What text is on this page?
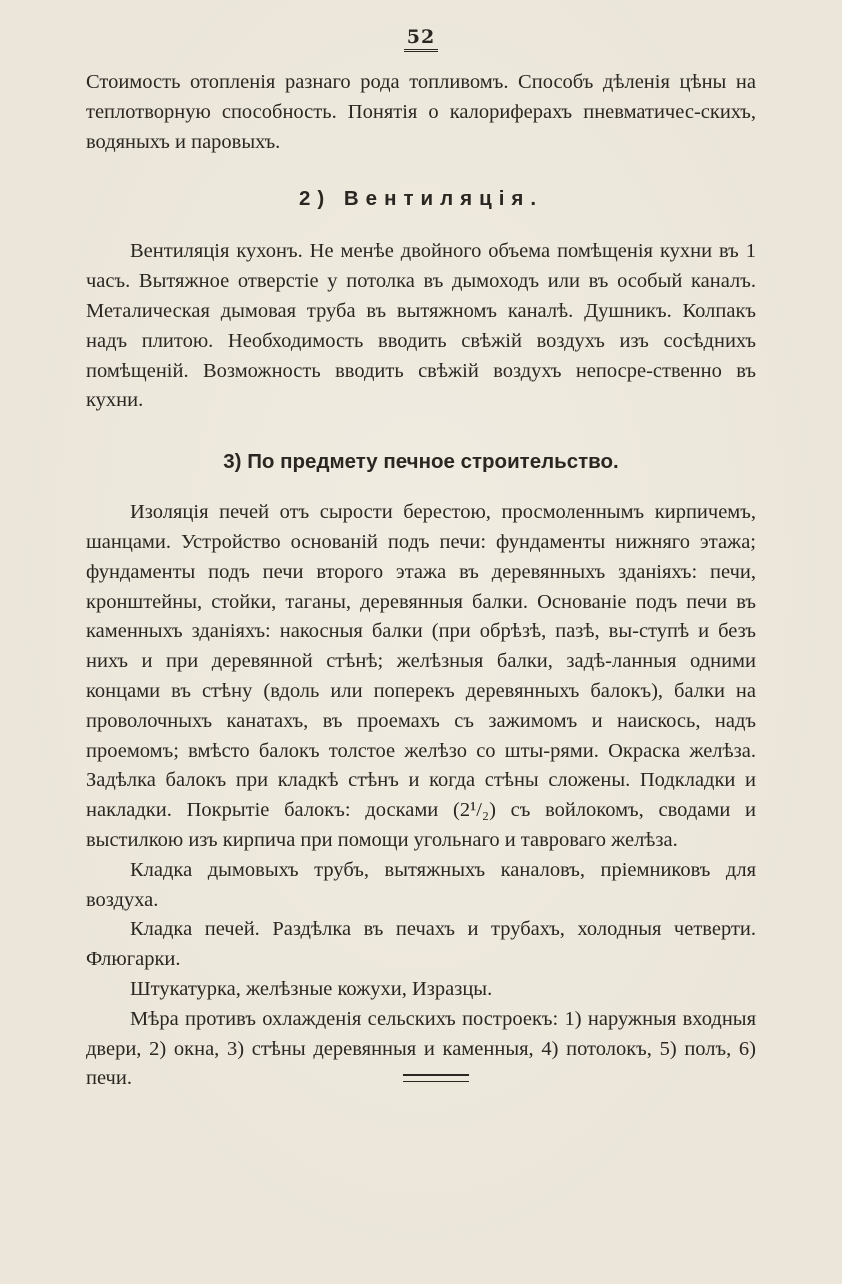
52

Стоимость отопленія разнаго рода топливомъ. Способъ дѣленія цѣны на теплотворную способность. Понятія о калориферахъ пневматичес-скихъ, водяныхъ и паровыхъ.

2) Вентиляція.

Вентиляція кухонъ. Не менѣе двойного объема помѣщенія кухни въ 1 часъ. Вытяжное отверстіе у потолка въ дымоходъ или въ особый каналъ. Металическая дымовая труба въ вытяжномъ каналѣ. Душникъ. Колпакъ надъ плитою. Необходимость вводить свѣжій воздухъ изъ сосѣднихъ помѣщеній. Возможность вводить свѣжій воздухъ непосре-ственно въ кухни.

3) По предмету печное строительство.

Изоляція печей отъ сырости берестою, просмоленнымъ кирпичемъ, шанцами. Устройство основаній подъ печи: фундаменты нижняго этажа; фундаменты подъ печи второго этажа въ деревянныхъ зданіяхъ: печи, кронштейны, стойки, таганы, деревянныя балки. Основаніе подъ печи въ каменныхъ зданіяхъ: накосныя балки (при обрѣзѣ, пазѣ, вы-ступѣ и безъ нихъ и при деревянной стѣнѣ; желѣзныя балки, задѣ-ланныя одними концами въ стѣну (вдоль или поперекъ деревянныхъ балокъ), балки на проволочныхъ канатахъ, въ проемахъ съ зажимомъ и наискось, надъ проемомъ; вмѣсто балокъ толстое желѣзо со шты-рями. Окраска желѣза. Задѣлка балокъ при кладкѣ стѣнъ и когда стѣны сложены. Подкладки и накладки. Покрытіе балокъ: досками (2¹/₂) съ войлокомъ, сводами и выстилкою изъ кирпича при помощи угольнаго и тавроваго желѣза.

Кладка дымовыхъ трубъ, вытяжныхъ каналовъ, пріемниковъ для воздуха.

Кладка печей. Раздѣлка въ печахъ и трубахъ, холодныя четверти. Флюгарки.

Штукатурка, желѣзные кожухи, Изразцы.

Мѣра противъ охлажденія сельскихъ построекъ: 1) наружныя входныя двери, 2) окна, 3) стѣны деревянныя и каменныя, 4) потолокъ, 5) полъ, 6) печи.
